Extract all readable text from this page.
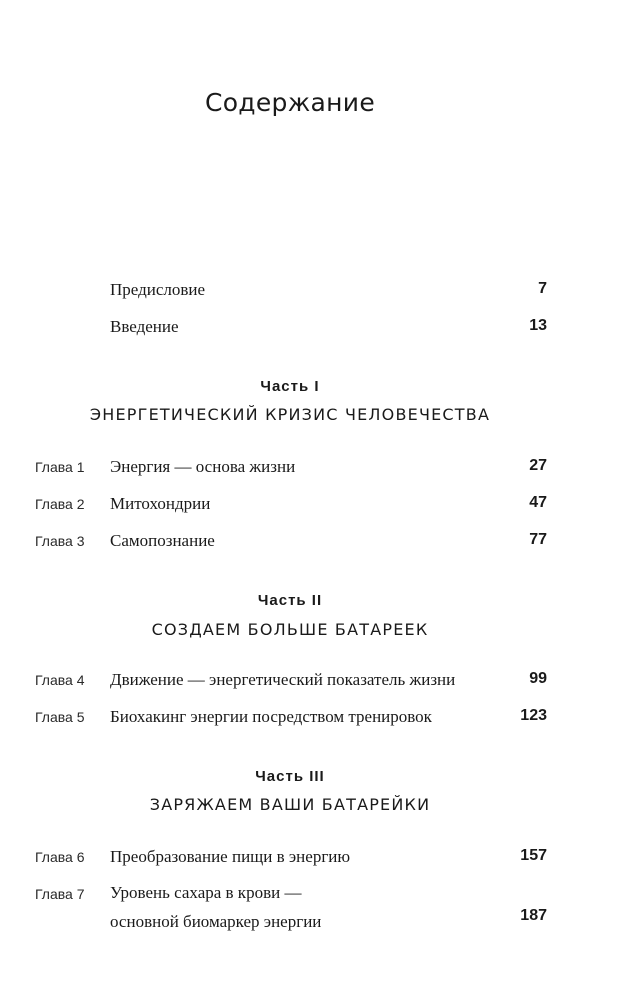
Содержание
Предисловие	7
Введение	13
Часть I
ЭНЕРГЕТИЧЕСКИЙ КРИЗИС ЧЕЛОВЕЧЕСТВА
Глава 1 Энергия — основа жизни	27
Глава 2 Митохондрии	47
Глава 3 Самопознание	77
Часть II
СОЗДАЕМ БОЛЬШЕ БАТАРЕЕК
Глава 4 Движение — энергетический показатель жизни	99
Глава 5 Биохакинг энергии посредством тренировок	123
Часть III
ЗАРЯЖАЕМ ВАШИ БАТАРЕЙКИ
Глава 6 Преобразование пищи в энергию	157
Глава 7 Уровень сахара в крови —
основной биомаркер энергии	187
